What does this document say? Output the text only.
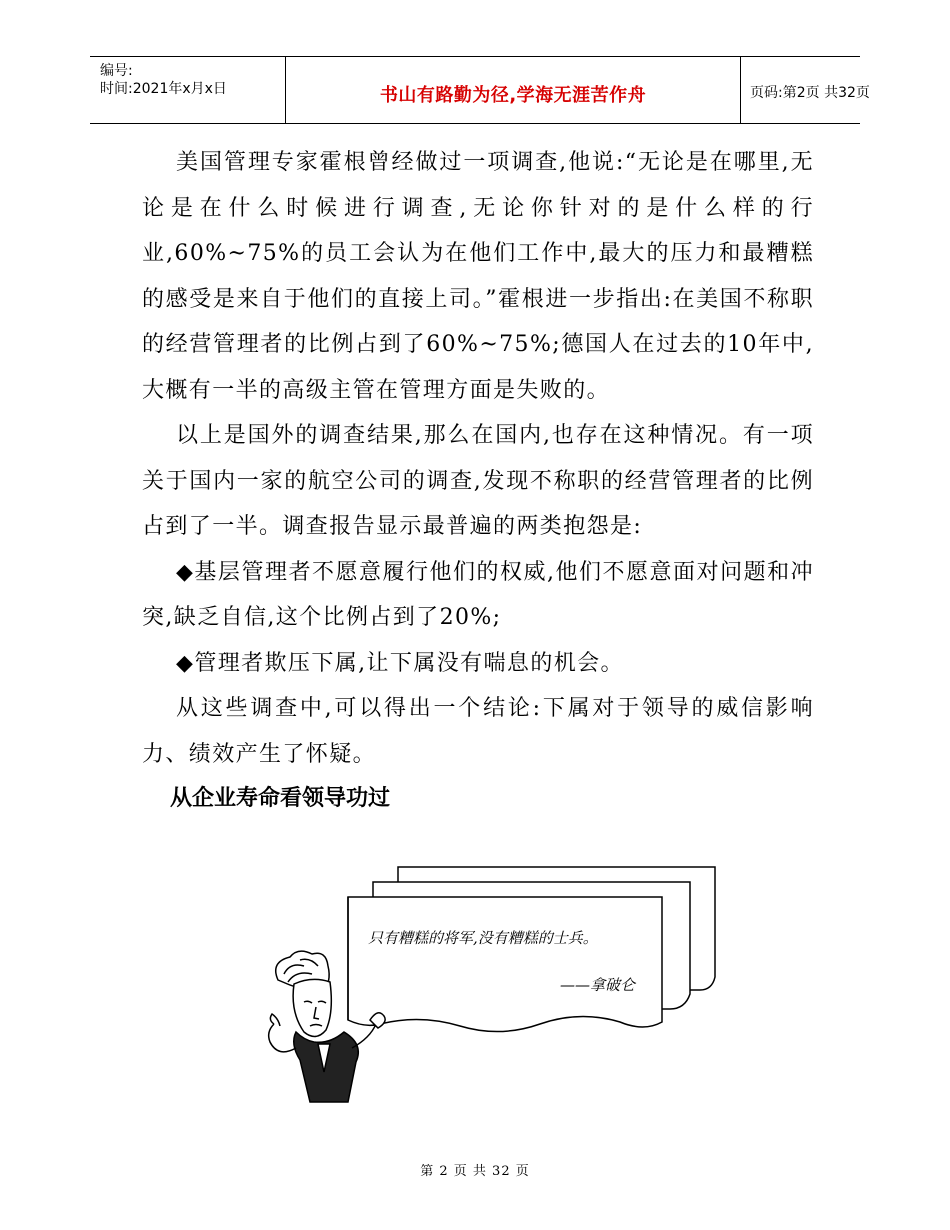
编号:
时间:2021年x月x日	书山有路勤为径,学海无涯苦作舟	页码:第2页 共32页

美国管理专家霍根曾经做过一项调查,他说:“无论是在哪里,无论是在什么时候进行调查,无论你针对的是什么样的行业,60%~75%的员工会认为在他们工作中,最大的压力和最糟糕的感受是来自于他们的直接上司。”霍根进一步指出:在美国不称职的经营管理者的比例占到了60%~75%;德国人在过去的10年中,大概有一半的高级主管在管理方面是失败的。

以上是国外的调查结果,那么在国内,也存在这种情况。有一项关于国内一家的航空公司的调查,发现不称职的经营管理者的比例占到了一半。调查报告显示最普遍的两类抱怨是:

◆基层管理者不愿意履行他们的权威,他们不愿意面对问题和冲突,缺乏自信,这个比例占到了20%;

◆管理者欺压下属,让下属没有喘息的机会。

从这些调查中,可以得出一个结论:下属对于领导的威信影响力、绩效产生了怀疑。

从企业寿命看领导功过
只有糟糕的将军,没有糟糕的士兵。
——拿破仑
第 2 页 共 32 页
